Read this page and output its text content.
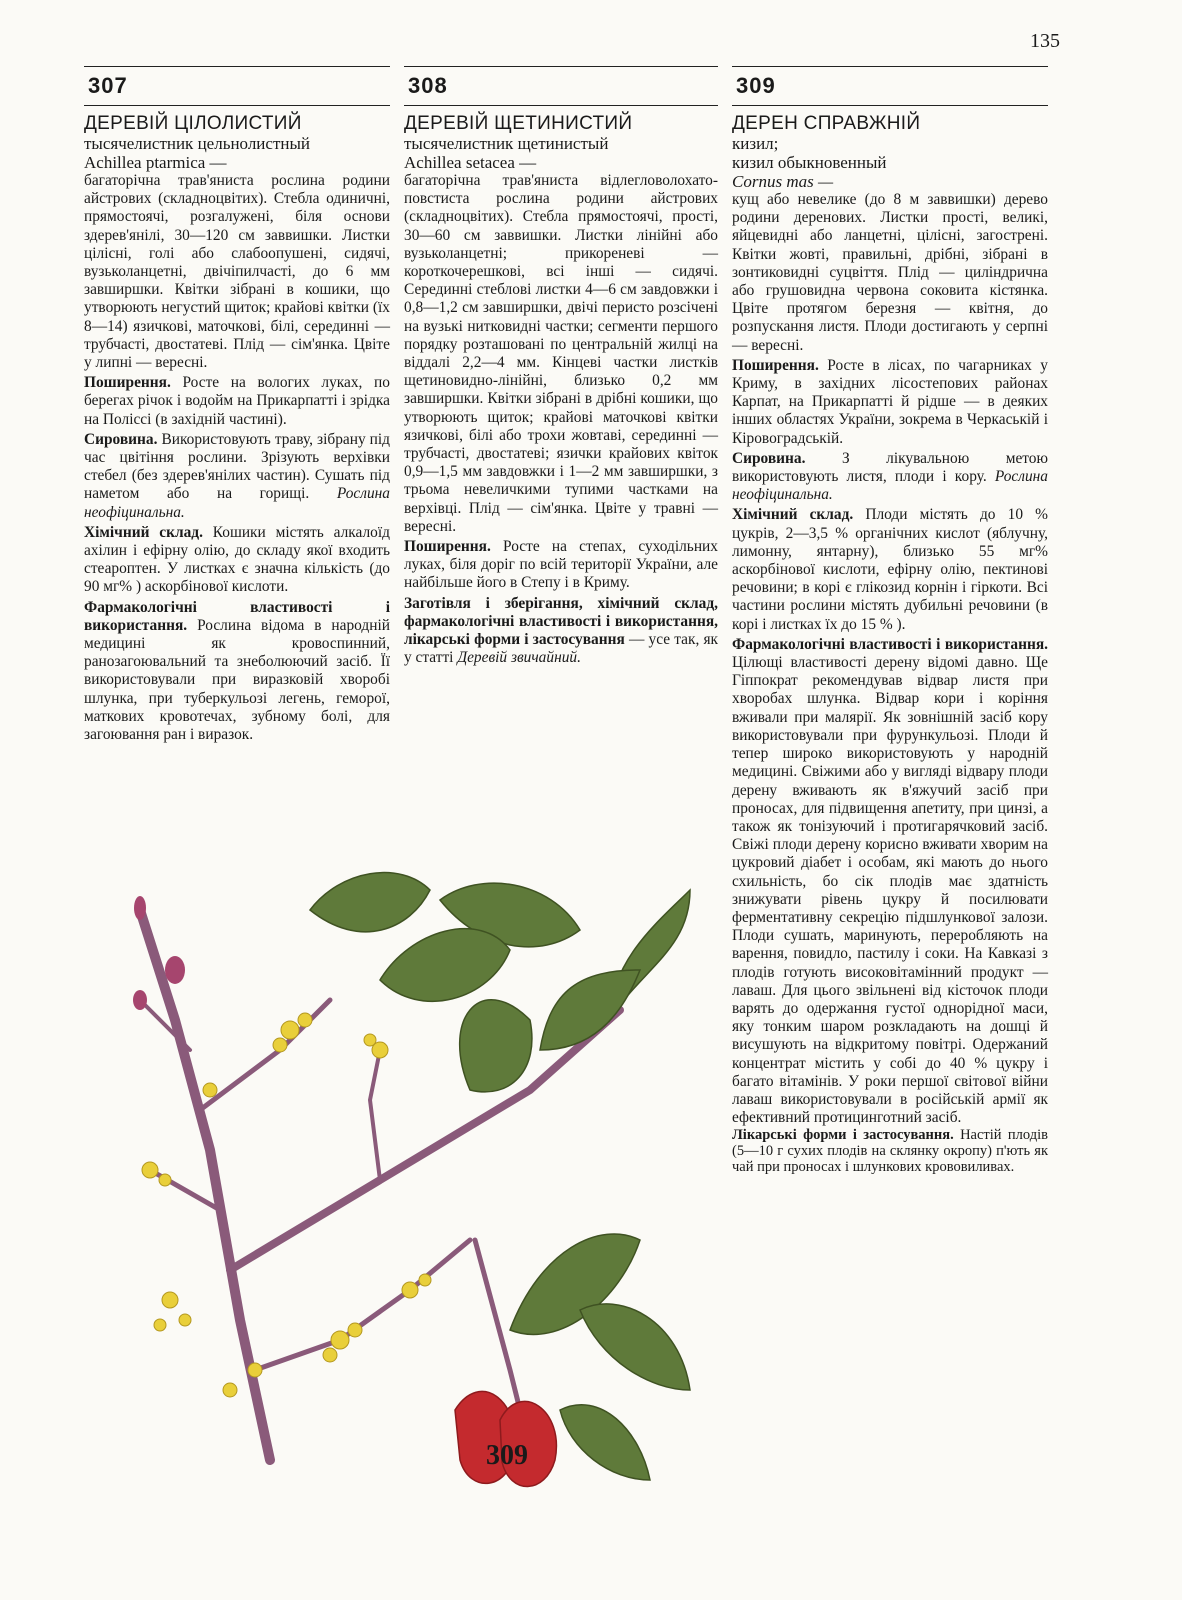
135
307
ДЕРЕВІЙ ЦІЛОЛИСТИЙ
тысячелистник цельнолистный
Achillea ptarmica —

багаторічна трав'яниста рослина родини айстрових (складноцвітих). Стебла одиничні, прямостоячі, розгалужені, біля основи здерев'янілі, 30—120 см заввишки. Листки цілісні, голі або слабоопушені, сидячі, вузьколанцетні, двічіпилчасті, до 6 мм завширшки. Квітки зібрані в кошики, що утворюють негустий щиток; крайові квітки (їх 8—14) язичкові, маточкові, білі, серединні — трубчасті, двостатеві. Плід — сім'янка. Цвіте у липні — вересні.

Поширення. Росте на вологих луках, по берегах річок і водойм на Прикарпатті і зрідка на Поліссі (в західній частині).

Сировина. Використовують траву, зібрану під час цвітіння рослини. Зрізують верхівки стебел (без здерев'янілих частин). Сушать під наметом або на горищі. Рослина неофіцинальна.

Хімічний склад. Кошики містять алкалоїд ахілин і ефірну олію, до складу якої входить стеароптен. У листках є значна кількість (до 90 мг% ) аскорбінової кислоти.

Фармакологічні властивості і використання. Рослина відома в народній медицині як кровоспинний, ранозагоювальний та знеболюючий засіб. Її використовували при виразковій хворобі шлунка, при туберкульозі легень, геморої, маткових кровотечах, зубному болі, для загоювання ран і виразок.

308
ДЕРЕВІЙ ЩЕТИНИСТИЙ
тысячелистник щетинистый
Achillea setacea —

багаторічна трав'яниста відлегловолохато-повстиста рослина родини айстрових (складноцвітих). Стебла прямостоячі, прості, 30—60 см заввишки. Листки лінійні або вузьколанцетні; прикореневі — короткочерешкові, всі інші — сидячі. Серединні стеблові листки 4—6 см завдовжки і 0,8—1,2 см завширшки, двічі перисто розсічені на вузькі нитковидні частки; сегменти першого порядку розташовані по центральній жилці на віддалі 2,2—4 мм. Кінцеві частки листків щетиновидно-лінійні, близько 0,2 мм завширшки. Квітки зібрані в дрібні кошики, що утворюють щиток; крайові маточкові квітки язичкові, білі або трохи жовтаві, серединні — трубчасті, двостатеві; язички крайових квіток 0,9—1,5 мм завдовжки і 1—2 мм завширшки, з трьома невеличкими тупими частками на верхівці. Плід — сім'янка. Цвіте у травні — вересні.

Поширення. Росте на степах, суходільних луках, біля доріг по всій території України, але найбільше його в Степу і в Криму.

Заготівля і зберігання, хімічний склад, фармакологічні властивості і використання, лікарські форми і застосування — усе так, як у статті Деревій звичайний.

309
ДЕРЕН СПРАВЖНІЙ
кизил;
кизил обыкновенный
Cornus mas —

кущ або невелике (до 8 м заввишки) дерево родини деренових. Листки прості, великі, яйцевидні або ланцетні, цілісні, загострені. Квітки жовті, правильні, дрібні, зібрані в зонтиковидні суцвіття. Плід — циліндрична або грушовидна червона соковита кістянка. Цвіте протягом березня — квітня, до розпускання листя. Плоди достигають у серпні — вересні.

Поширення. Росте в лісах, по чагарниках у Криму, в західних лісостепових районах Карпат, на Прикарпатті й рідше — в деяких інших областях України, зокрема в Черкаській і Кіровоградській.

Сировина. З лікувальною метою використовують листя, плоди і кору. Рослина неофіцинальна.

Хімічний склад. Плоди містять до 10 % цукрів, 2—3,5 % органічних кислот (яблучну, лимонну, янтарну), близько 55 мг% аскорбінової кислоти, ефірну олію, пектинові речовини; в корі є глікозид корнін і гіркоти. Всі частини рослини містять дубильні речовини (в корі і листках їх до 15 % ).

Фармакологічні властивості і використання. Цілющі властивості дерену відомі давно. Ще Гіппократ рекомендував відвар листя при хворобах шлунка. Відвар кори і коріння вживали при малярії. Як зовнішній засіб кору використовували при фурункульозі. Плоди й тепер широко використовують у народній медицині. Свіжими або у вигляді відвару плоди дерену вживають як в'яжучий засіб при проносах, для підвищення апетиту, при цинзі, а також як тонізуючий і протигарячковий засіб. Свіжі плоди дерену корисно вживати хворим на цукровий діабет і особам, які мають до нього схильність, бо сік плодів має здатність знижувати рівень цукру й посилювати ферментативну секрецію підшлункової залози. Плоди сушать, маринують, переробляють на варення, повидло, пастилу і соки. На Кавказі з плодів готують високовітамінний продукт — лаваш. Для цього звільнені від кісточок плоди варять до одержання густої однорідної маси, яку тонким шаром розкладають на дошці й висушують на відкритому повітрі. Одержаний концентрат містить у собі до 40 % цукру і багато вітамінів. У роки першої світової війни лаваш використовували в російській армії як ефективний протицинготний засіб.

Лікарські форми і застосування. Настій плодів (5—10 г сухих плодів на склянку окропу) п'ють як чай при проносах і шлункових крововиливах.

309
